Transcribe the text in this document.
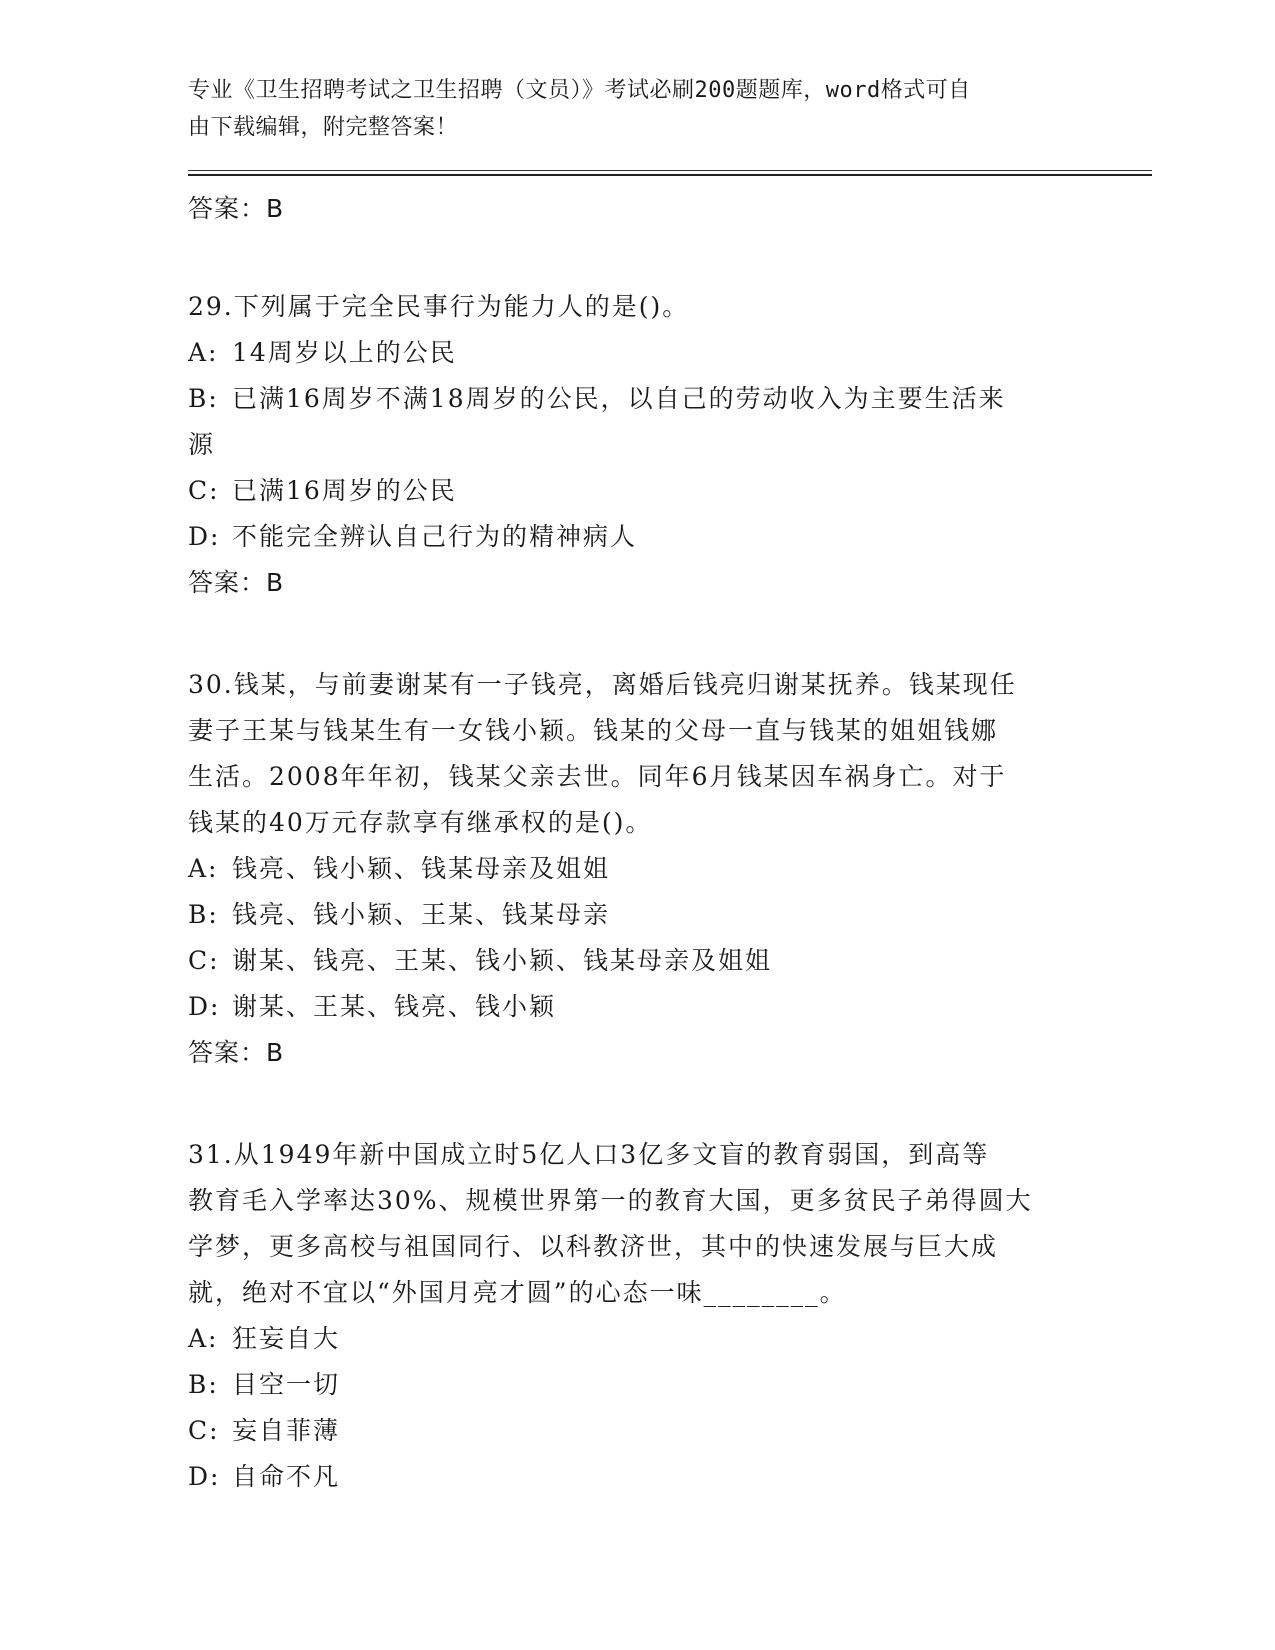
专业《卫生招聘考试之卫生招聘（文员）》考试必刷200题题库，word格式可自
由下载编辑，附完整答案！
答案：B
29.下列属于完全民事行为能力人的是()。
A: 14周岁以上的公民
B: 已满16周岁不满18周岁的公民，以自己的劳动收入为主要生活来
源
C: 已满16周岁的公民
D: 不能完全辨认自己行为的精神病人
答案：B
30.钱某，与前妻谢某有一子钱亮，离婚后钱亮归谢某抚养。钱某现任
妻子王某与钱某生有一女钱小颖。钱某的父母一直与钱某的姐姐钱娜
生活。2008年年初，钱某父亲去世。同年6月钱某因车祸身亡。对于
钱某的40万元存款享有继承权的是()。
A: 钱亮、钱小颖、钱某母亲及姐姐
B: 钱亮、钱小颖、王某、钱某母亲
C: 谢某、钱亮、王某、钱小颖、钱某母亲及姐姐
D: 谢某、王某、钱亮、钱小颖
答案：B
31.从1949年新中国成立时5亿人口3亿多文盲的教育弱国，到高等
教育毛入学率达30%、规模世界第一的教育大国，更多贫民子弟得圆大
学梦，更多高校与祖国同行、以科教济世，其中的快速发展与巨大成
就，绝对不宜以“外国月亮才圆”的心态一味________。
A: 狂妄自大
B: 目空一切
C: 妄自菲薄
D: 自命不凡
